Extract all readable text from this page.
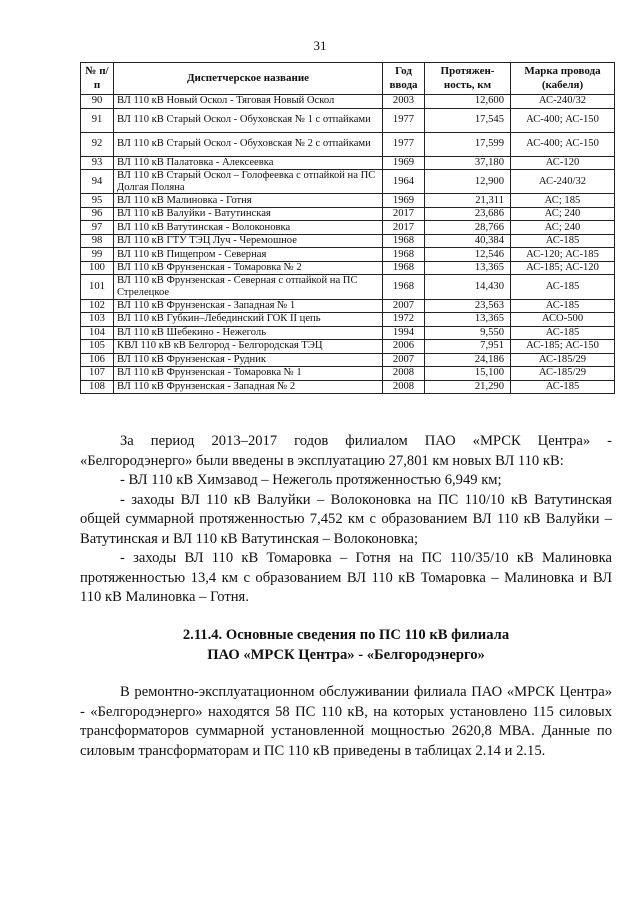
31
№ п/п	Диспетчерское название	Год ввода	Протяжен-ность, км	Марка провода (кабеля)
90	ВЛ 110 кВ Новый Оскол - Тяговая Новый Оскол	2003	12,600	АС-240/32
91	ВЛ 110 кВ Старый Оскол - Обуховская № 1 с отпайками	1977	17,545	АС-400; АС-150
92	ВЛ 110 кВ Старый Оскол - Обуховская № 2 с отпайками	1977	17,599	АС-400; АС-150
93	ВЛ 110 кВ Палатовка - Алексеевка	1969	37,180	АС-120
94	ВЛ 110 кВ Старый Оскол – Голофеевка с отпайкой на ПС Долгая Поляна	1964	12,900	АС-240/32
95	ВЛ 110 кВ Малиновка - Готня	1969	21,311	АС; 185
96	ВЛ 110 кВ Валуйки - Ватутинская	2017	23,686	АС; 240
97	ВЛ 110 кВ Ватутинская - Волоконовка	2017	28,766	АС; 240
98	ВЛ 110 кВ ГТУ ТЭЦ Луч - Черемошное	1968	40,384	АС-185
99	ВЛ 110 кВ Пищепром - Северная	1968	12,546	АС-120; АС-185
100	ВЛ 110 кВ Фрунзенская - Томаровка № 2	1968	13,365	АС-185; АС-120
101	ВЛ 110 кВ Фрунзенская - Северная с отпайкой на ПС Стрелецкое	1968	14,430	АС-185
102	ВЛ 110 кВ Фрунзенская - Западная № 1	2007	23,563	АС-185
103	ВЛ 110 кВ Губкин–Лебединский ГОК II цепь	1972	13,365	АСО-500
104	ВЛ 110 кВ Шебекино - Нежеголь	1994	9,550	АС-185
105	КВЛ 110 кВ кВ Белгород - Белгородская ТЭЦ	2006	7,951	АС-185; АС-150
106	ВЛ 110 кВ Фрунзенская - Рудник	2007	24,186	АС-185/29
107	ВЛ 110 кВ Фрунзенская - Томаровка № 1	2008	15,100	АС-185/29
108	ВЛ 110 кВ Фрунзенская - Западная № 2	2008	21,290	АС-185

За период 2013–2017 годов филиалом ПАО «МРСК Центра» - «Белгородэнерго» были введены в эксплуатацию 27,801 км новых ВЛ 110 кВ:

- ВЛ 110 кВ Химзавод – Нежеголь протяженностью 6,949 км;

- заходы ВЛ 110 кВ Валуйки – Волоконовка на ПС 110/10 кВ Ватутинская общей суммарной протяженностью 7,452 км с образованием ВЛ 110 кВ Валуйки – Ватутинская и ВЛ 110 кВ Ватутинская – Волоконовка;

- заходы ВЛ 110 кВ Томаровка – Готня на ПС 110/35/10 кВ Малиновка протяженностью 13,4 км с образованием ВЛ 110 кВ Томаровка – Малиновка и ВЛ 110 кВ Малиновка – Готня.

2.11.4. Основные сведения по ПС 110 кВ филиала
ПАО «МРСК Центра» - «Белгородэнерго»

В ремонтно-эксплуатационном обслуживании филиала ПАО «МРСК Центра» - «Белгородэнерго» находятся 58 ПС 110 кВ, на которых установлено 115 силовых трансформаторов суммарной установленной мощностью 2620,8 МВА. Данные по силовым трансформаторам и ПС 110 кВ приведены в таблицах 2.14 и 2.15.
